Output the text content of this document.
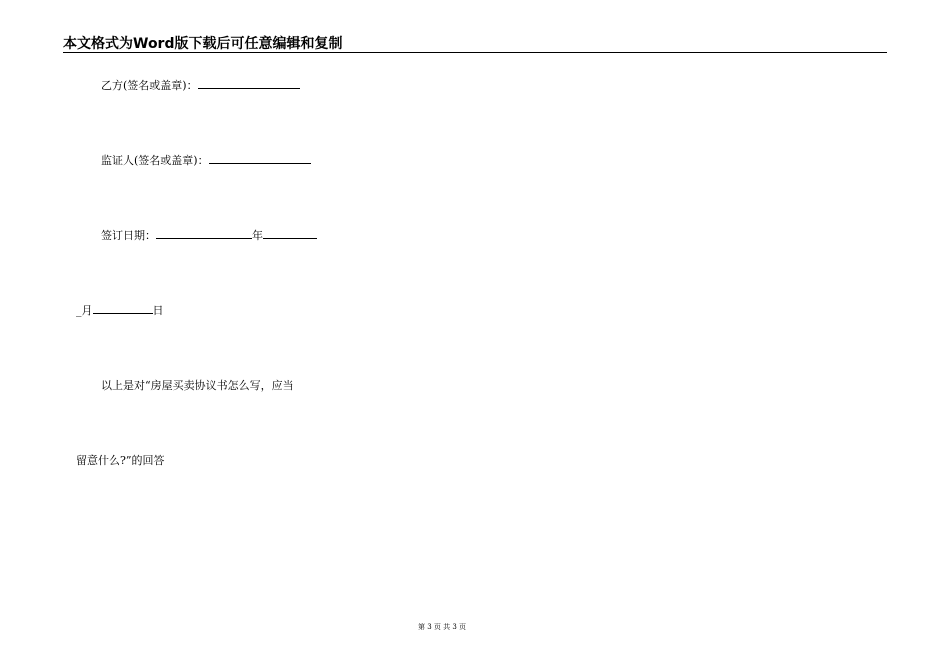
本文格式为Word版下载后可任意编辑和复制
乙方(签名或盖章)：
监证人(签名或盖章)：
签订日期：	年
_月	日
以上是对“房屋买卖协议书怎么写，应当
留意什么?”的回答
第 3 页 共 3 页
